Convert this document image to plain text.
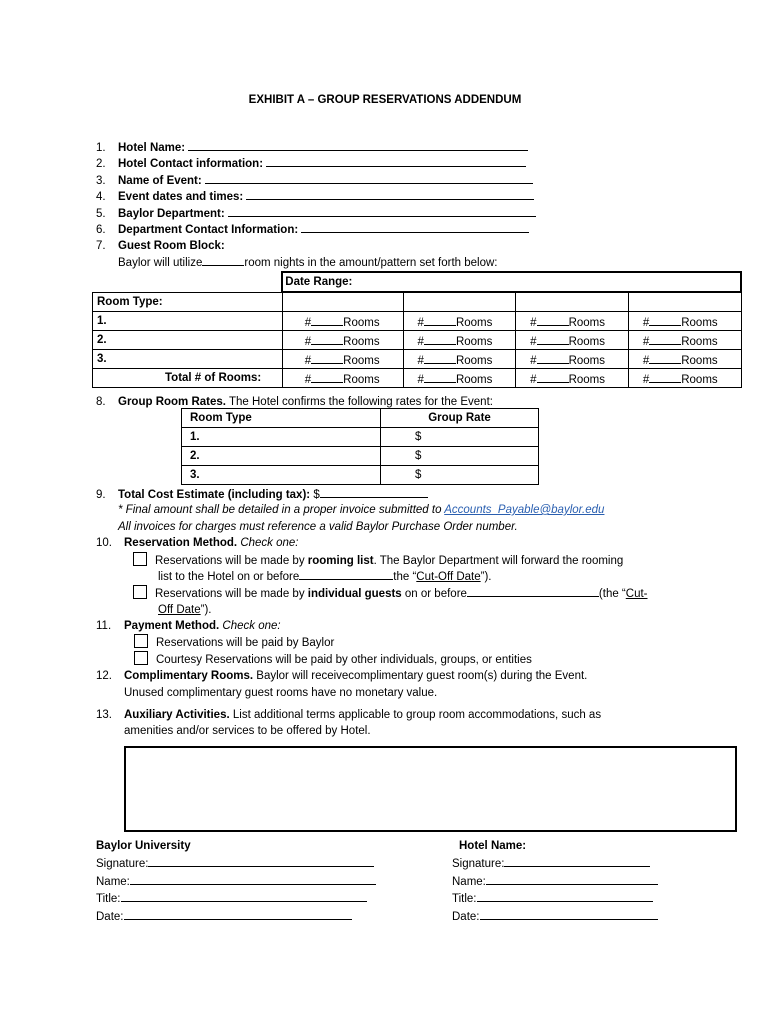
EXHIBIT A – GROUP RESERVATIONS ADDENDUM
1. Hotel Name:
2. Hotel Contact information:
3. Name of Event:
4. Event dates and times:
5. Baylor Department:
6. Department Contact Information:
7. Guest Room Block:
Baylor will utilize	room nights in the amount/pattern set forth below:
	Date Range:			
Room Type:				
1.	# Rooms	# Rooms	# Rooms	# Rooms
2.	# Rooms	# Rooms	# Rooms	# Rooms
3.	# Rooms	# Rooms	# Rooms	# Rooms
Total # of Rooms:	# Rooms	# Rooms	# Rooms	# Rooms
8. Group Room Rates. The Hotel confirms the following rates for the Event:
Room Type	Group Rate
1.	$
2.	$
3.	$
9. Total Cost Estimate (including tax): $
* Final amount shall be detailed in a proper invoice submitted to Accounts_Payable@baylor.edu
All invoices for charges must reference a valid Baylor Purchase Order number.
10. Reservation Method. Check one:
Reservations will be made by rooming list. The Baylor Department will forward the rooming
list to the Hotel on or before	the “Cut-Off Date”).
Reservations will be made by individual guests on or before	(the “Cut-
Off Date”).
11. Payment Method. Check one:
Reservations will be paid by Baylor
Courtesy Reservations will be paid by other individuals, groups, or entities
12. Complimentary Rooms. Baylor will receivecomplimentary guest room(s) during the Event.
Unused complimentary guest rooms have no monetary value.
13. Auxiliary Activities. List additional terms applicable to group room accommodations, such as
amenities and/or services to be offered by Hotel.
Baylor University
Signature:
Name:
Title:
Date:
Hotel Name:
Signature:
Name:
Title:
Date:
